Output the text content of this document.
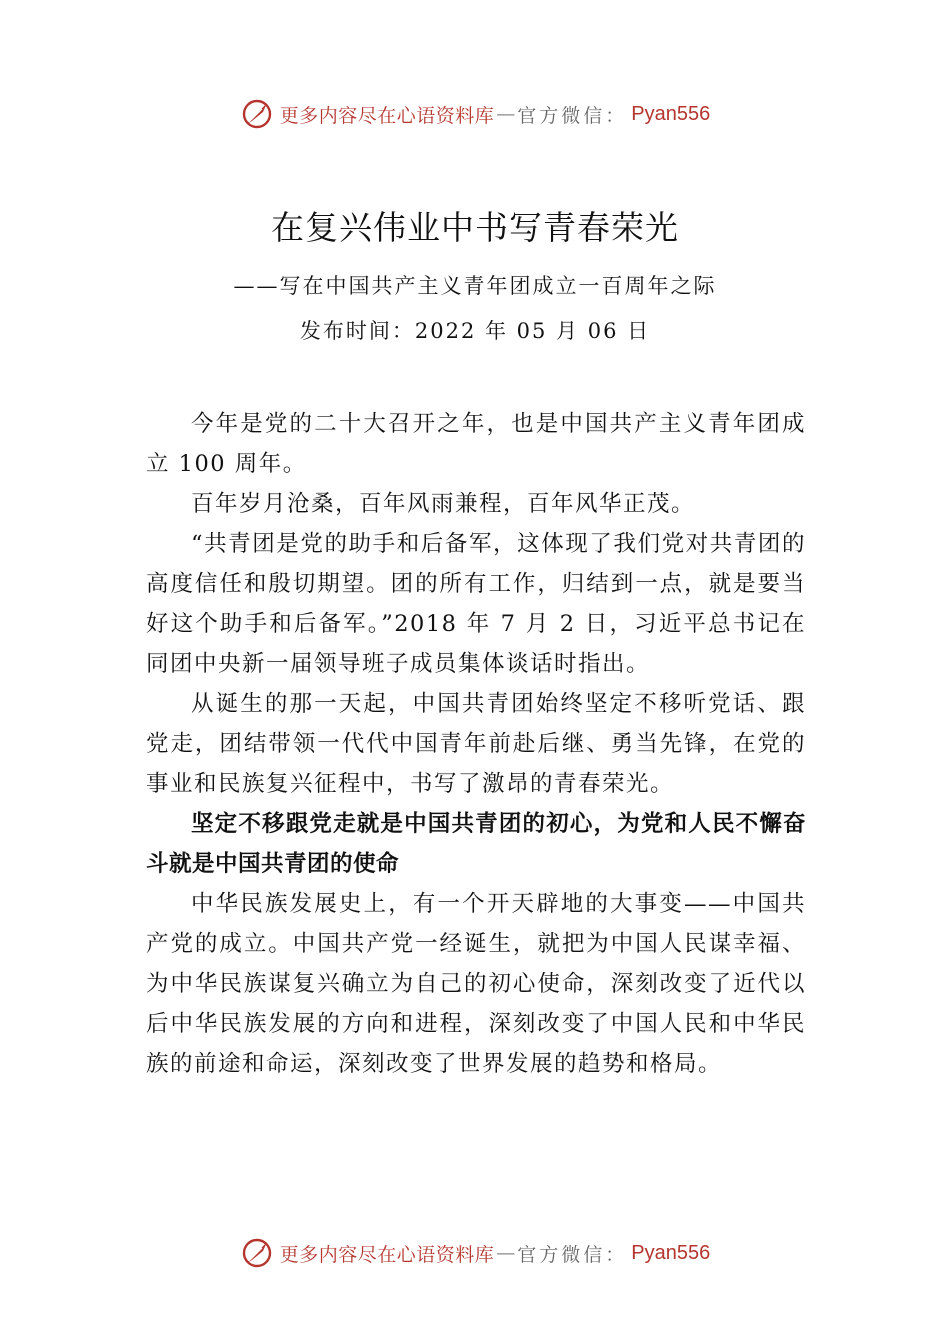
更多内容尽在心语资料库 — 官方微信： Pyan556
在复兴伟业中书写青春荣光
——写在中国共产主义青年团成立一百周年之际
发布时间：2022 年 05 月 06 日

今年是党的二十大召开之年，也是中国共产主义青年团成立 100 周年。

百年岁月沧桑，百年风雨兼程，百年风华正茂。

“共青团是党的助手和后备军，这体现了我们党对共青团的高度信任和殷切期望。团的所有工作，归结到一点，就是要当好这个助手和后备军。”2018 年 7 月 2 日，习近平总书记在同团中央新一届领导班子成员集体谈话时指出。

从诞生的那一天起，中国共青团始终坚定不移听党话、跟党走，团结带领一代代中国青年前赴后继、勇当先锋，在党的事业和民族复兴征程中，书写了激昂的青春荣光。

坚定不移跟党走就是中国共青团的初心，为党和人民不懈奋斗就是中国共青团的使命

中华民族发展史上，有一个开天辟地的大事变——中国共产党的成立。中国共产党一经诞生，就把为中国人民谋幸福、为中华民族谋复兴确立为自己的初心使命，深刻改变了近代以后中华民族发展的方向和进程，深刻改变了中国人民和中华民族的前途和命运，深刻改变了世界发展的趋势和格局。

更多内容尽在心语资料库 — 官方微信： Pyan556
